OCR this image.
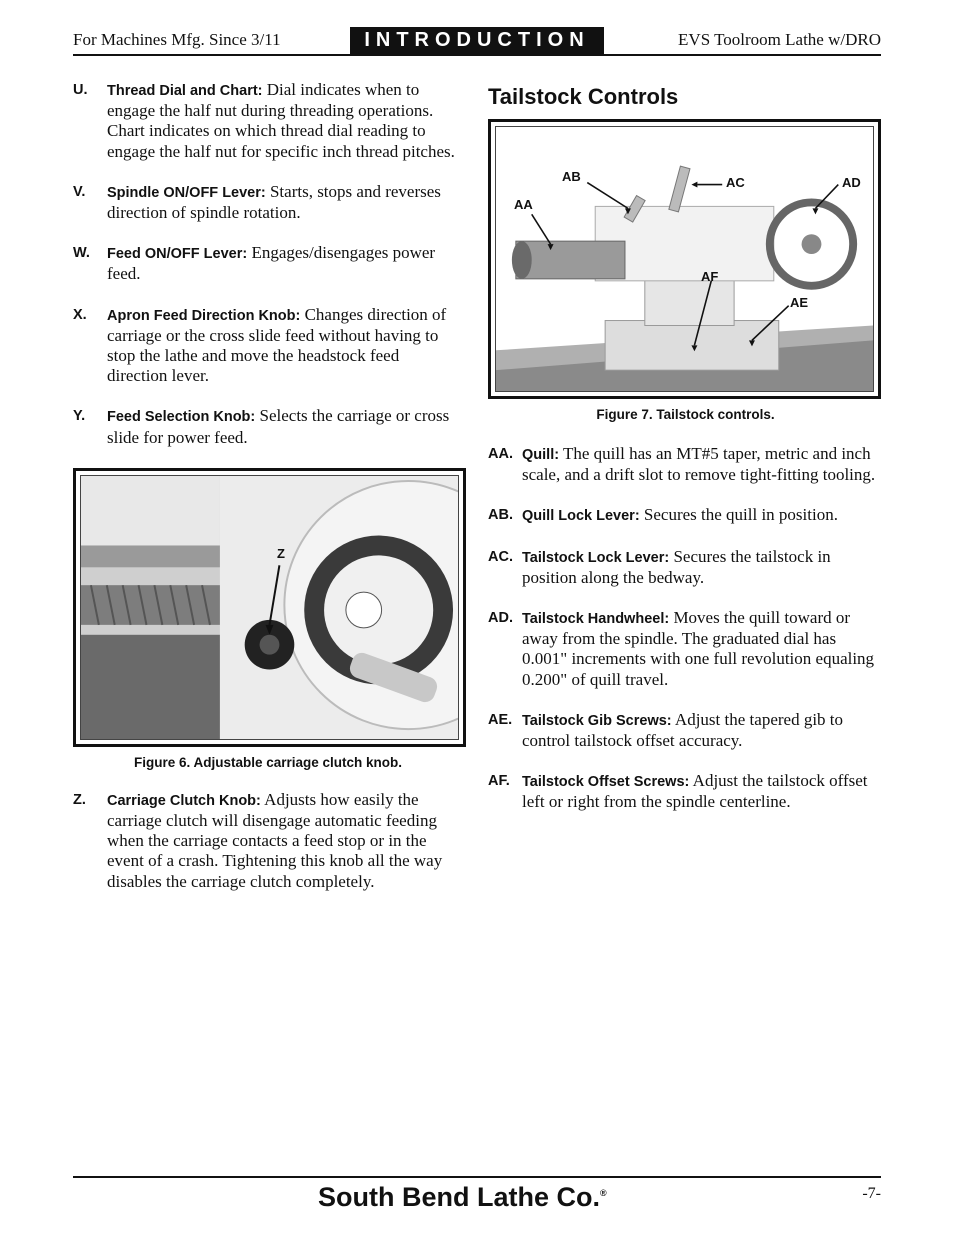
For Machines Mfg. Since 3/11	INTRODUCTION	EVS Toolroom Lathe w/DRO
U.	Thread Dial and Chart: Dial indicates when to engage the half nut during threading operations. Chart indicates on which thread dial reading to engage the half nut for specific inch thread pitches.
V.	Spindle ON/OFF Lever: Starts, stops and reverses direction of spindle rotation.
W.	Feed ON/OFF Lever: Engages/disengages power feed.
X.	Apron Feed Direction Knob: Changes direction of carriage or the cross slide feed without having to stop the lathe and move the headstock feed direction lever.
Y.	Feed Selection Knob: Selects the carriage or cross slide for power feed.
Z
Figure 6. Adjustable carriage clutch knob.
Z.	Carriage Clutch Knob: Adjusts how easily the carriage clutch will disengage automatic feeding when the carriage contacts a feed stop or in the event of a crash. Tightening this knob all the way disables the carriage clutch completely.
Tailstock Controls
AA
AB	AC	AD
AE
AF
Figure 7. Tailstock controls.
AA. Quill: The quill has an MT#5 taper, metric and inch scale, and a drift slot to remove tight-fitting tooling.
AB. Quill Lock Lever: Secures the quill in position.
AC. Tailstock Lock Lever: Secures the tailstock in position along the bedway.
AD. Tailstock Handwheel: Moves the quill toward or away from the spindle. The graduated dial has 0.001" increments with one full revolution equaling 0.200" of quill travel.
AE. Tailstock Gib Screws: Adjust the tapered gib to control tailstock offset accuracy.
AF. Tailstock Offset Screws: Adjust the tailstock offset left or right from the spindle centerline.
South Bend Lathe Co.®	-7-
